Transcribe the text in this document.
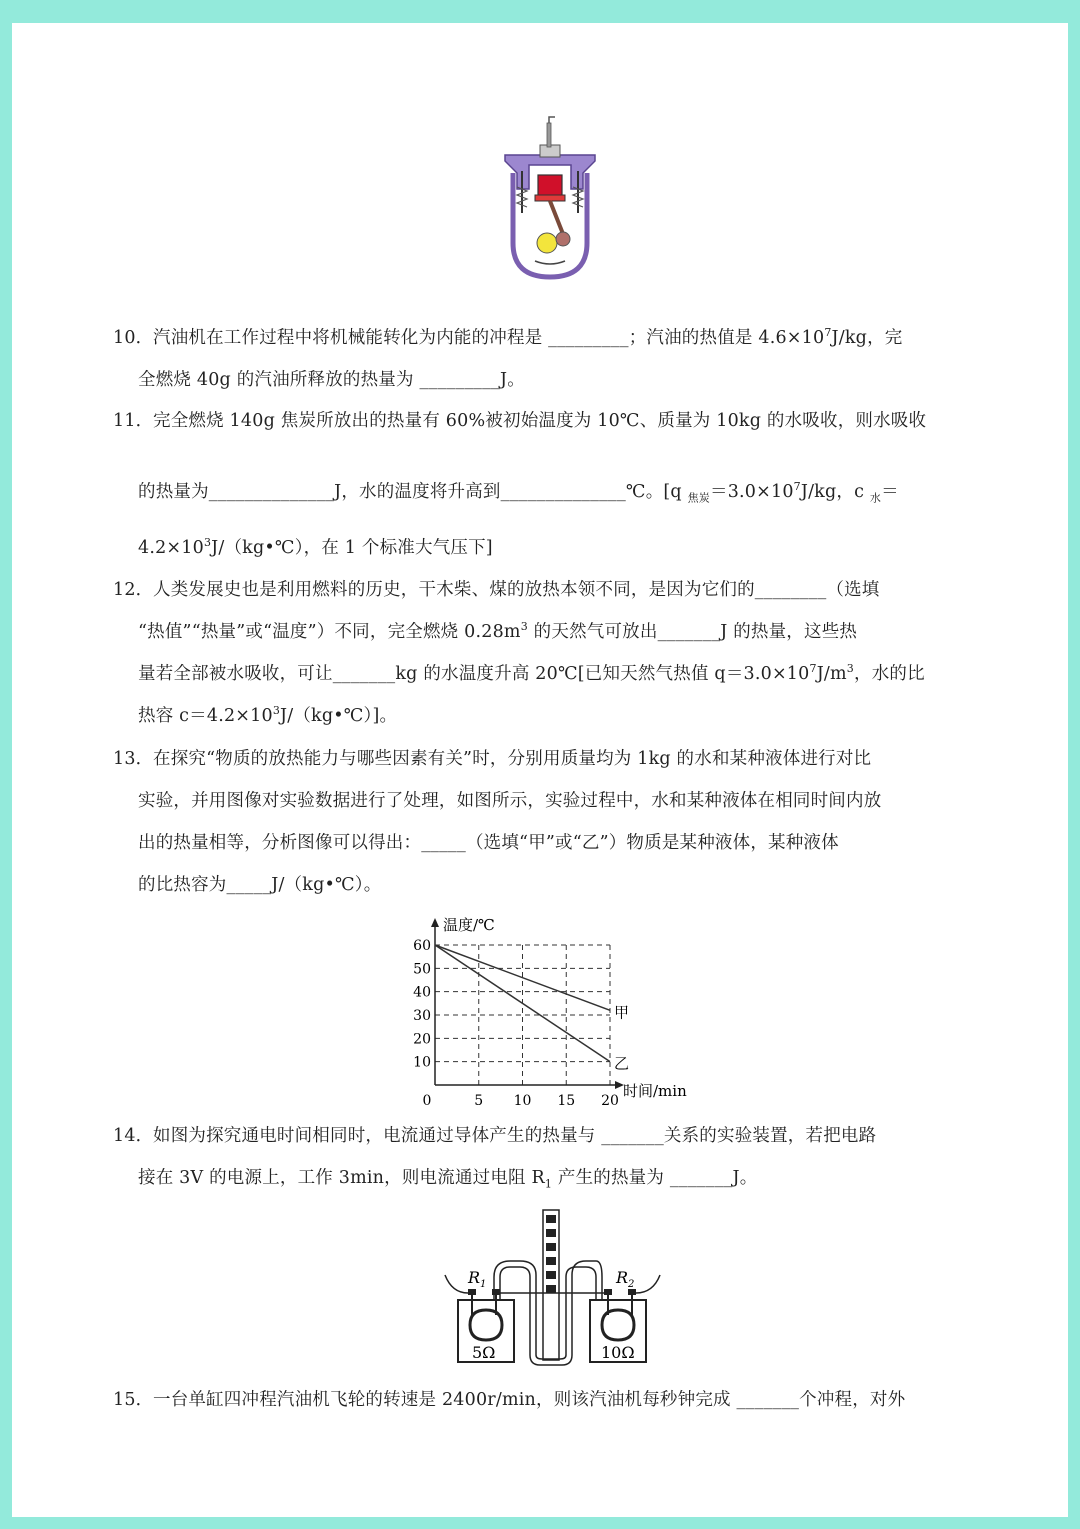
10．汽油机在工作过程中将机械能转化为内能的冲程是 _________；汽油的热值是 $4.6\times 10^7J/kg$，完
全燃烧 40g 的汽油所释放的热量为 _________J。
11．完全燃烧 140g 焦炭所放出的热量有 60%被初始温度为 10℃、质量为 10kg 的水吸收，则水吸收
的热量为______________J，水的温度将升高到______________℃。[q $_{焦炭}=3.0\times 10^7J/kg$，c $_水$＝
$4.2\times 10^3J/(kg•℃)$，在 1 个标准大气压下]
12．人类发展史也是利用燃料的历史，干木柴、煤的放热本领不同，是因为它们的________（选填
“热值”“热量”或“温度”）不同，完全燃烧 $0.28m^3$ 的天然气可放出_______J 的热量，这些热
量若全部被水吸收，可让_______kg 的水温度升高 20℃[已知天然气热值 $q=3.0\times 10^7J/m^3$，水的比
热容 $c=4.2\times 10^3J/(kg•℃)$]。
13．在探究“物质的放热能力与哪些因素有关”时，分别用质量均为 1kg 的水和某种液体进行对比
实验，并用图像对实验数据进行了处理，如图所示，实验过程中，水和某种液体在相同时间内放
出的热量相等，分析图像可以得出：_____（选填“甲”或“乙”）物质是某种液体，某种液体
的比热容为_____J/（kg•℃）。
温度/℃
时间/min
10
20
30
40
50
60
0	5 10 15 20
甲
乙
14．如图为探究通电时间相同时，电流通过导体产生的热量与 _______关系的实验装置，若把电路
接在 3V 的电源上，工作 3min，则电流通过电阻 $R_1$ 产生的热量为 _______J。
$R_1$	$R_2$
5Ω	10Ω
15．一台单缸四冲程汽油机飞轮的转速是 2400r/min，则该汽油机每秒钟完成 _______个冲程，对外
